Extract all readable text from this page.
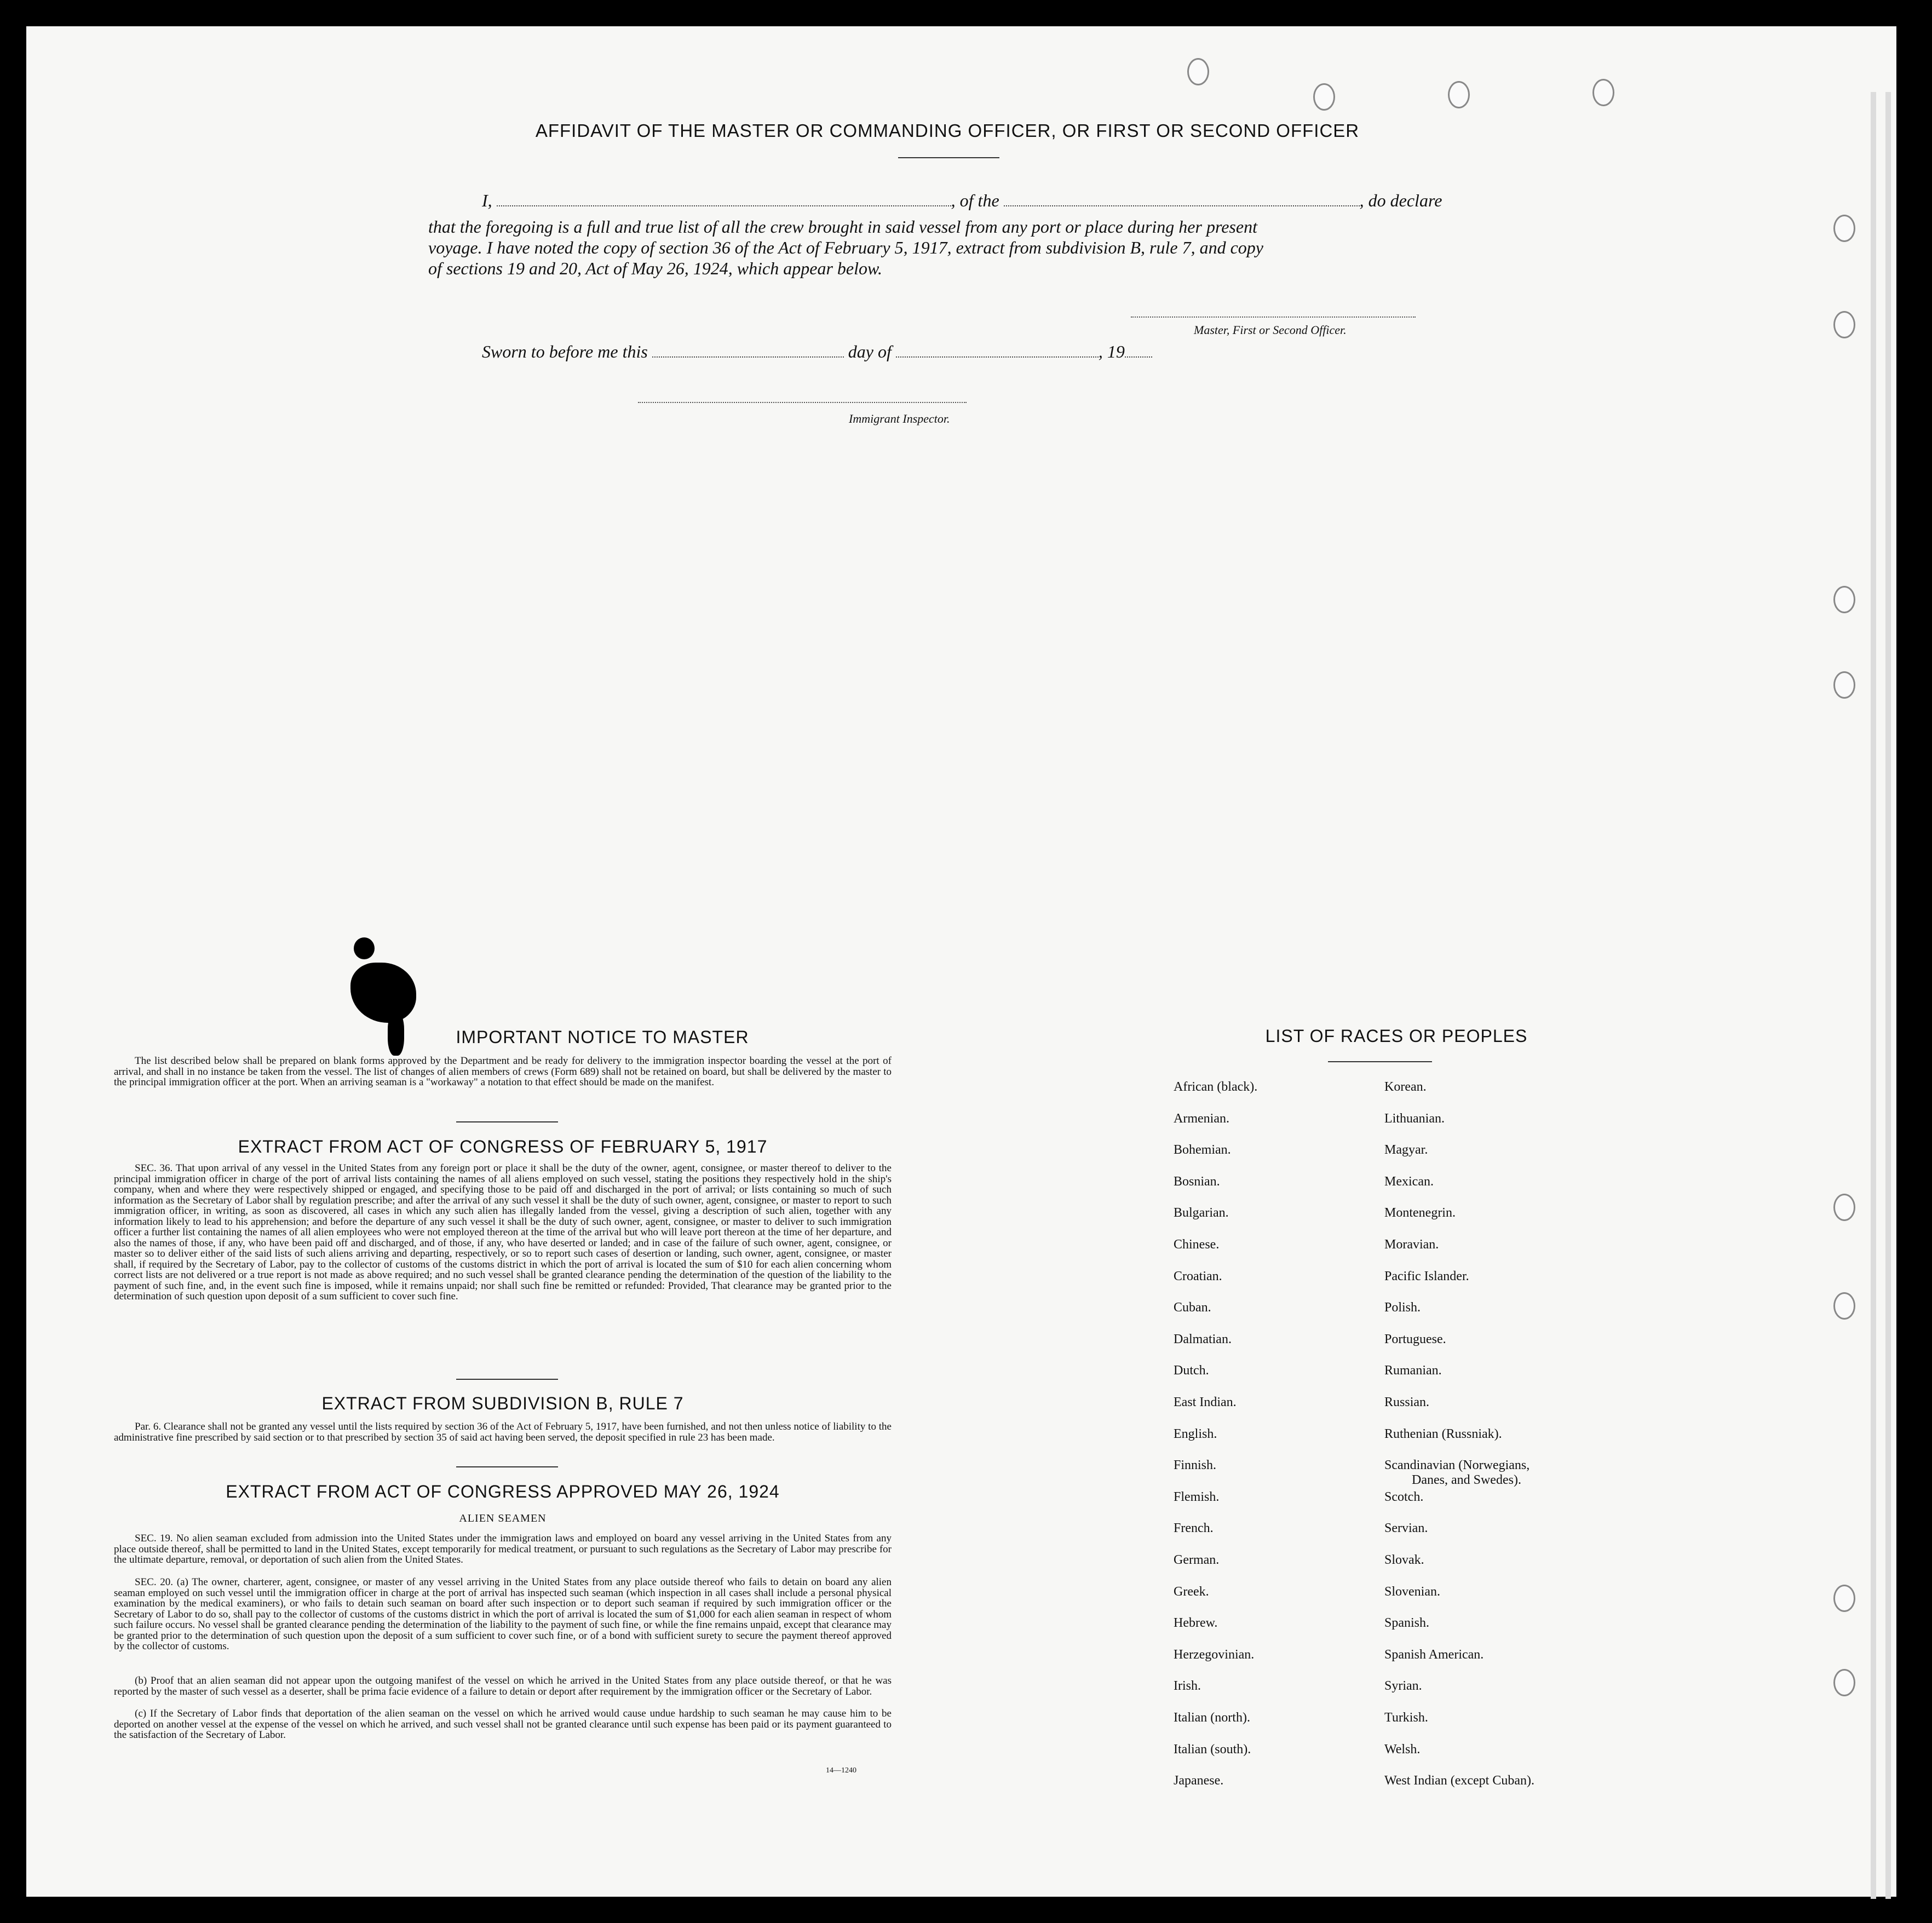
AFFIDAVIT OF THE MASTER OR COMMANDING OFFICER, OR FIRST OR SECOND OFFICER
I,	, of the	, do declare
that the foregoing is a full and true list of all the crew brought in said vessel from any port or place during her present
voyage. I have noted the copy of section 36 of the Act of February 5, 1917, extract from subdivision B, rule 7, and copy
of sections 19 and 20, Act of May 26, 1924, which appear below.
Master, First or Second Officer.
Sworn to before me this	day of	, 19
Immigrant Inspector.
IMPORTANT NOTICE TO MASTER
The list described below shall be prepared on blank forms approved by the Department and be ready for delivery to the immigration inspector boarding the vessel at the port of arrival, and shall in no instance be taken from the vessel. The list of changes of alien members of crews (Form 689) shall not be retained on board, but shall be delivered by the master to the principal immigration officer at the port. When an arriving seaman is a "workaway" a notation to that effect should be made on the manifest.
EXTRACT FROM ACT OF CONGRESS OF FEBRUARY 5, 1917
SEC. 36. That upon arrival of any vessel in the United States from any foreign port or place it shall be the duty of the owner, agent, consignee, or master thereof to deliver to the principal immigration officer in charge of the port of arrival lists containing the names of all aliens employed on such vessel, stating the positions they respectively hold in the ship's company, when and where they were respectively shipped or engaged, and specifying those to be paid off and discharged in the port of arrival; or lists containing so much of such information as the Secretary of Labor shall by regulation prescribe; and after the arrival of any such vessel it shall be the duty of such owner, agent, consignee, or master to report to such immigration officer, in writing, as soon as discovered, all cases in which any such alien has illegally landed from the vessel, giving a description of such alien, together with any information likely to lead to his apprehension; and before the departure of any such vessel it shall be the duty of such owner, agent, consignee, or master to deliver to such immigration officer a further list containing the names of all alien employees who were not employed thereon at the time of the arrival but who will leave port thereon at the time of her departure, and also the names of those, if any, who have been paid off and discharged, and of those, if any, who have deserted or landed; and in case of the failure of such owner, agent, consignee, or master so to deliver either of the said lists of such aliens arriving and departing, respectively, or so to report such cases of desertion or landing, such owner, agent, consignee, or master shall, if required by the Secretary of Labor, pay to the collector of customs of the customs district in which the port of arrival is located the sum of $10 for each alien concerning whom correct lists are not delivered or a true report is not made as above required; and no such vessel shall be granted clearance pending the determination of the question of the liability to the payment of such fine, and, in the event such fine is imposed, while it remains unpaid; nor shall such fine be remitted or refunded: Provided, That clearance may be granted prior to the determination of such question upon deposit of a sum sufficient to cover such fine.
EXTRACT FROM SUBDIVISION B, RULE 7
Par. 6. Clearance shall not be granted any vessel until the lists required by section 36 of the Act of February 5, 1917, have been furnished, and not then unless notice of liability to the administrative fine prescribed by said section or to that prescribed by section 35 of said act having been served, the deposit specified in rule 23 has been made.
EXTRACT FROM ACT OF CONGRESS APPROVED MAY 26, 1924
ALIEN SEAMEN
SEC. 19. No alien seaman excluded from admission into the United States under the immigration laws and employed on board any vessel arriving in the United States from any place outside thereof, shall be permitted to land in the United States, except temporarily for medical treatment, or pursuant to such regulations as the Secretary of Labor may prescribe for the ultimate departure, removal, or deportation of such alien from the United States.
SEC. 20. (a) The owner, charterer, agent, consignee, or master of any vessel arriving in the United States from any place outside thereof who fails to detain on board any alien seaman employed on such vessel until the immigration officer in charge at the port of arrival has inspected such seaman (which inspection in all cases shall include a personal physical examination by the medical examiners), or who fails to detain such seaman on board after such inspection or to deport such seaman if required by such immigration officer or the Secretary of Labor to do so, shall pay to the collector of customs of the customs district in which the port of arrival is located the sum of $1,000 for each alien seaman in respect of whom such failure occurs. No vessel shall be granted clearance pending the determination of the liability to the payment of such fine, or while the fine remains unpaid, except that clearance may be granted prior to the determination of such question upon the deposit of a sum sufficient to cover such fine, or of a bond with sufficient surety to secure the payment thereof approved by the collector of customs.
(b) Proof that an alien seaman did not appear upon the outgoing manifest of the vessel on which he arrived in the United States from any place outside thereof, or that he was reported by the master of such vessel as a deserter, shall be prima facie evidence of a failure to detain or deport after requirement by the immigration officer or the Secretary of Labor.
(c) If the Secretary of Labor finds that deportation of the alien seaman on the vessel on which he arrived would cause undue hardship to such seaman he may cause him to be deported on another vessel at the expense of the vessel on which he arrived, and such vessel shall not be granted clearance until such expense has been paid or its payment guaranteed to the satisfaction of the Secretary of Labor.
14—1240
LIST OF RACES OR PEOPLES
African (black).
Armenian.
Bohemian.
Bosnian.
Bulgarian.
Chinese.
Croatian.
Cuban.
Dalmatian.
Dutch.
East Indian.
English.
Finnish.
Flemish.
French.
German.
Greek.
Hebrew.
Herzegovinian.
Irish.
Italian (north).
Italian (south).
Japanese.
Korean.
Lithuanian.
Magyar.
Mexican.
Montenegrin.
Moravian.
Pacific Islander.
Polish.
Portuguese.
Rumanian.
Russian.
Ruthenian (Russniak).
Scandinavian (Norwegians,
Scotch.
Servian.
Slovak.
Slovenian.
Spanish.
Spanish American.
Syrian.
Turkish.
Welsh.
West Indian (except Cuban).
Danes, and Swedes).
